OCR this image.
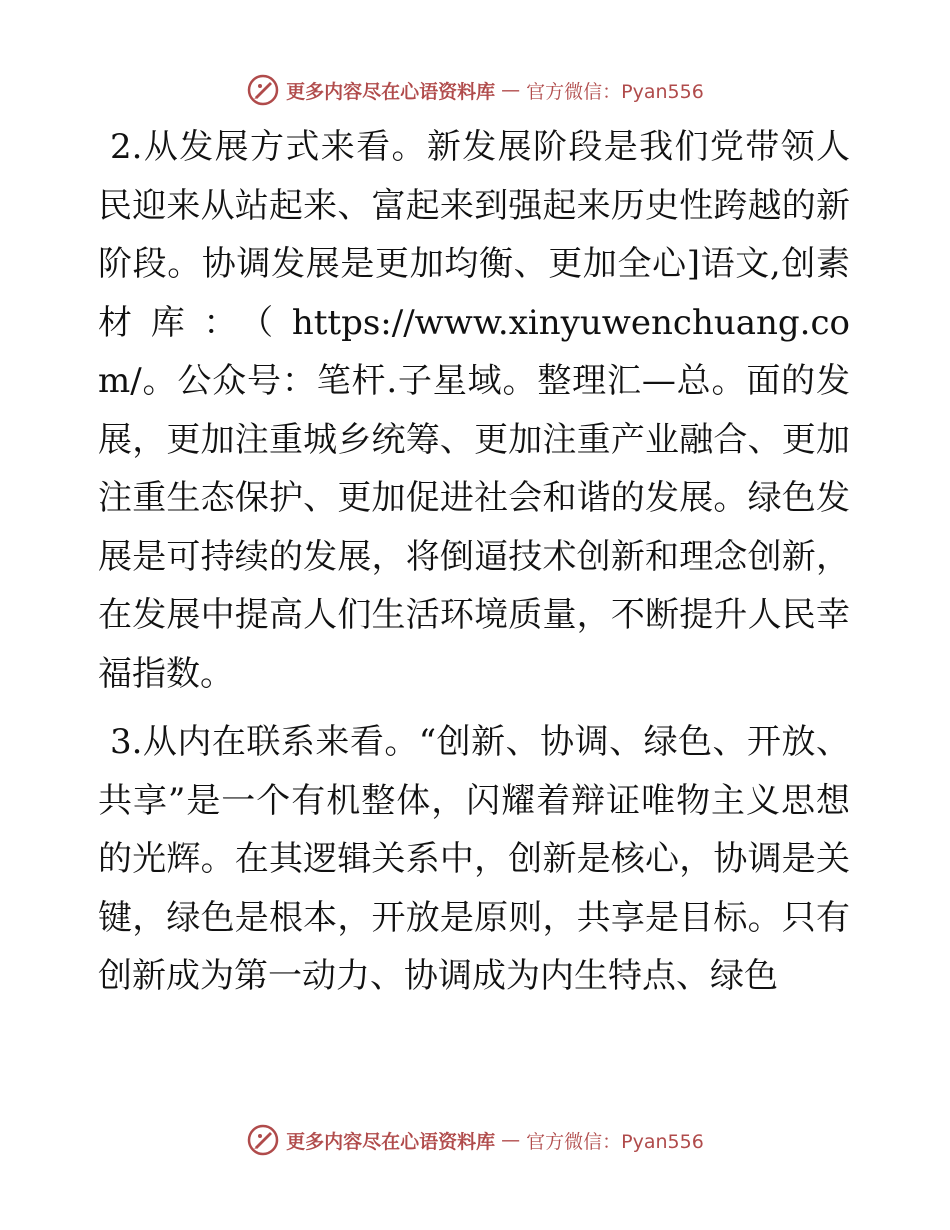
更多内容尽在心语资料库 — 官方微信：Pyan556

2.从发展方式来看。新发展阶段是我们党带领人民迎来从站起来、富起来到强起来历史性跨越的新阶段。协调发展是更加均衡、更加全心]语文,创素材库：（https://www.xinyuwenchuang.com/。公众号：笔杆.子星域。整理汇—总。面的发展，更加注重城乡统筹、更加注重产业融合、更加注重生态保护、更加促进社会和谐的发展。绿色发展是可持续的发展，将倒逼技术创新和理念创新，在发展中提高人们生活环境质量，不断提升人民幸福指数。

3.从内在联系来看。“创新、协调、绿色、开放、共享”是一个有机整体，闪耀着辩证唯物主义思想的光辉。在其逻辑关系中，创新是核心，协调是关键，绿色是根本，开放是原则，共享是目标。只有创新成为第一动力、协调成为内生特点、绿色

更多内容尽在心语资料库 — 官方微信：Pyan556
